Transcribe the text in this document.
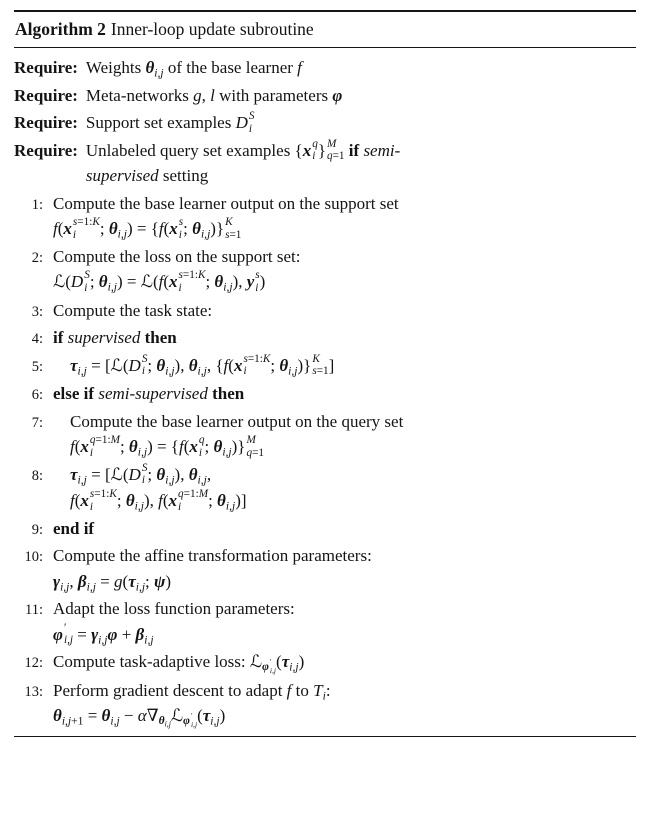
Algorithm 2 Inner-loop update subroutine
Require: Weights $\theta_{i,j}$ of the base learner f
Require: Meta-networks g, l with parameters φ
Require: Support set examples D S
i
Require: Unlabeled query set examples {x q
i } M
q=1 if semi-
supervised setting
1: Compute the base learner output on the support set
f(x s=1:K
i	; $\theta_{i,j}) = \{f(x$ s
i ; $\theta_{i,j}$)} K
s=1
2: Compute the loss on the support set:
ℒ(D S
i ; $\theta_{i,j}$) = ℒ(f(x s=1:K
i	; $\theta_{i,j}$), y s
i )
3: Compute the task state:
4: if supervised then
5:	$\tau_{i,j}$ = [ℒ(D S
i ; $\theta_{i,j}$), $\theta_{i,j}$, {f(x s=1:K
i	; $\theta_{i,j}$)} K
s=1 ]
6: else if semi-supervised then
7:	Compute the base learner output on the query set
f(x q=1:M
i	; $\theta_{i,j}) = \{f(x$ q
i ; $\theta_{i,j}$)} M
q=1
8:	$\tau_{i,j}$ = [ℒ(D S
i ; $\theta_{i,j}$), $\theta_{i,j}$,
f(x s=1:K
i	; $\theta_{i,j}$), f(x q=1:M
i	; $\theta_{i,j}$)]
9: end if
10: Compute the affine transformation parameters:
$\gamma_{i,j}$, $\beta_{i,j} = g(\tau_{i,j}$; ψ)
11: Adapt the loss function parameters:
φ ′
$i,j = \gamma_{i,j}\varphi + \beta_{i,j}$
12: Compute task-adaptive loss: ℒ$_{\varphi ' i,j}$ $(\tau_{i,j})$
13: Perform gradient descent to adapt f to $T_i$:
$\theta_{i,j+1} = \theta_{i,j}$ − $\alpha\nabla_{\theta_{i,j}}ℒ_{\varphi ' i,j}$ $(\tau_{i,j})$
